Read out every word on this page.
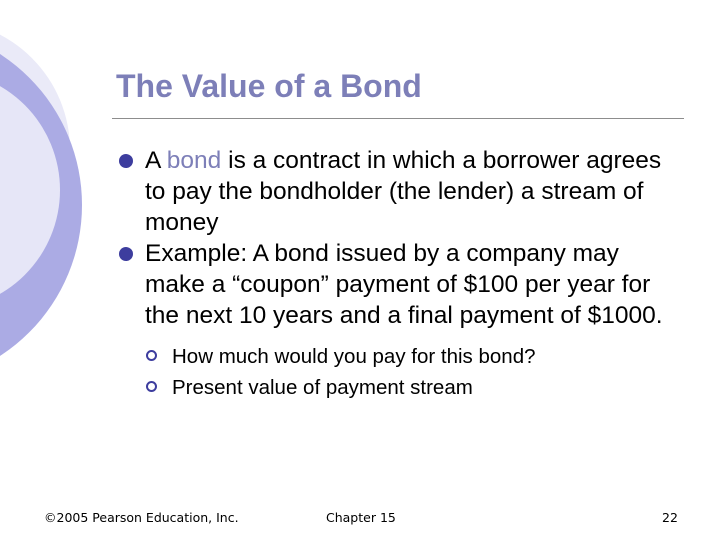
The Value of a Bond
A bond is a contract in which a borrower agrees to pay the bondholder (the lender) a stream of money
Example: A bond issued by a company may make a “coupon” payment of $100 per year for the next 10 years and a final payment of $1000.
How much would you pay for this bond?
Present value of payment stream
©2005 Pearson Education, Inc.	Chapter 15	22
